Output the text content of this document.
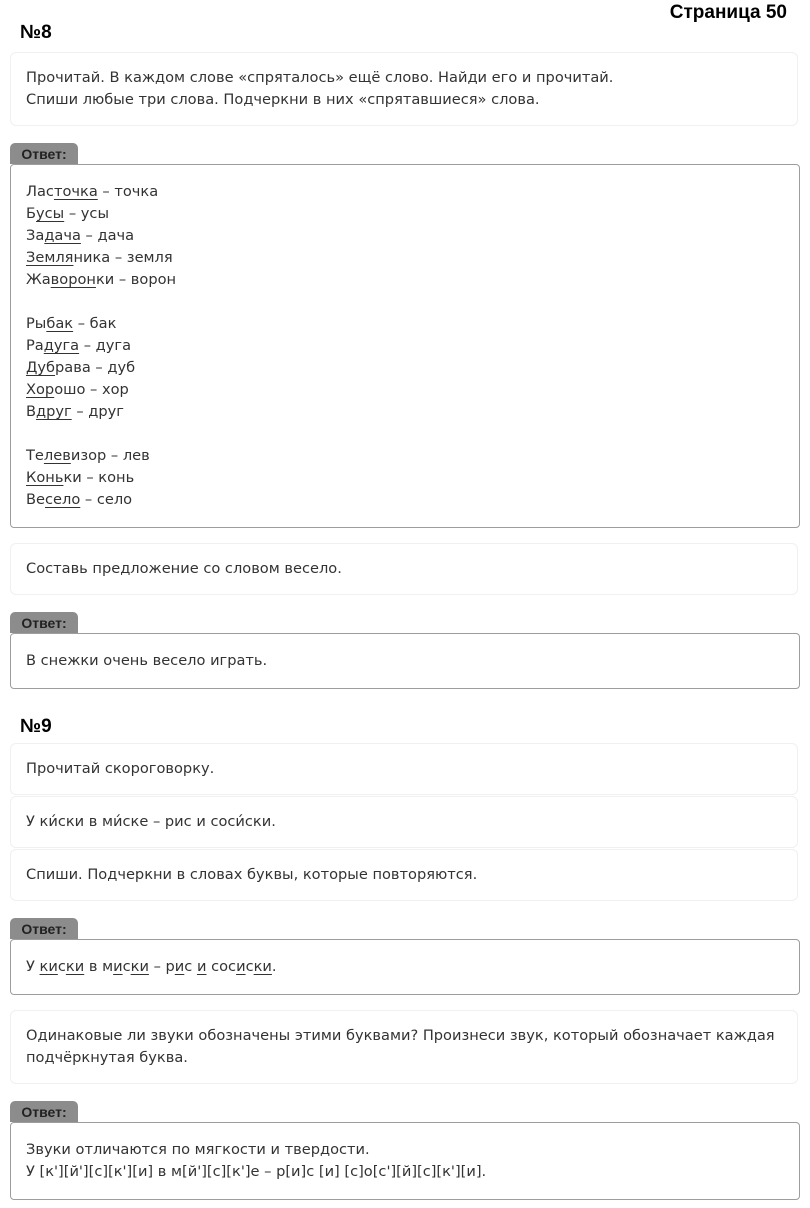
Страница 50
№8
Прочитай. В каждом слове «спряталось» ещё слово. Найди его и прочитай.
Спиши любые три слова. Подчеркни в них «спрятавшиеся» слова.
Ответ:
Ласточка – точка
Бусы – усы
Задача – дача
Земляника – земля
Жаворонки – ворон
Рыбак – бак
Радуга – дуга
Дубрава – дуб
Хорошо – хор
Вдруг – друг
Телевизор – лев
Коньки – конь
Весело – село
Составь предложение со словом весело.
Ответ:
В снежки очень весело играть.
№9
Прочитай скороговорку.
У ки́ски в ми́ске – рис и соси́ски.
Спиши. Подчеркни в словах буквы, которые повторяются.
Ответ:
У киски в миски – рис и сосиски.
Одинаковые ли звуки обозначены этими буквами? Произнеси звук, который обозначает каждая
подчёркнутая буква.
Ответ:
Звуки отличаются по мягкости и твердости.
У [к'][й'][с][к'][и] в м[й'][с][к']е – р[и]с [и] [с]о[с'][й][с][к'][и].
